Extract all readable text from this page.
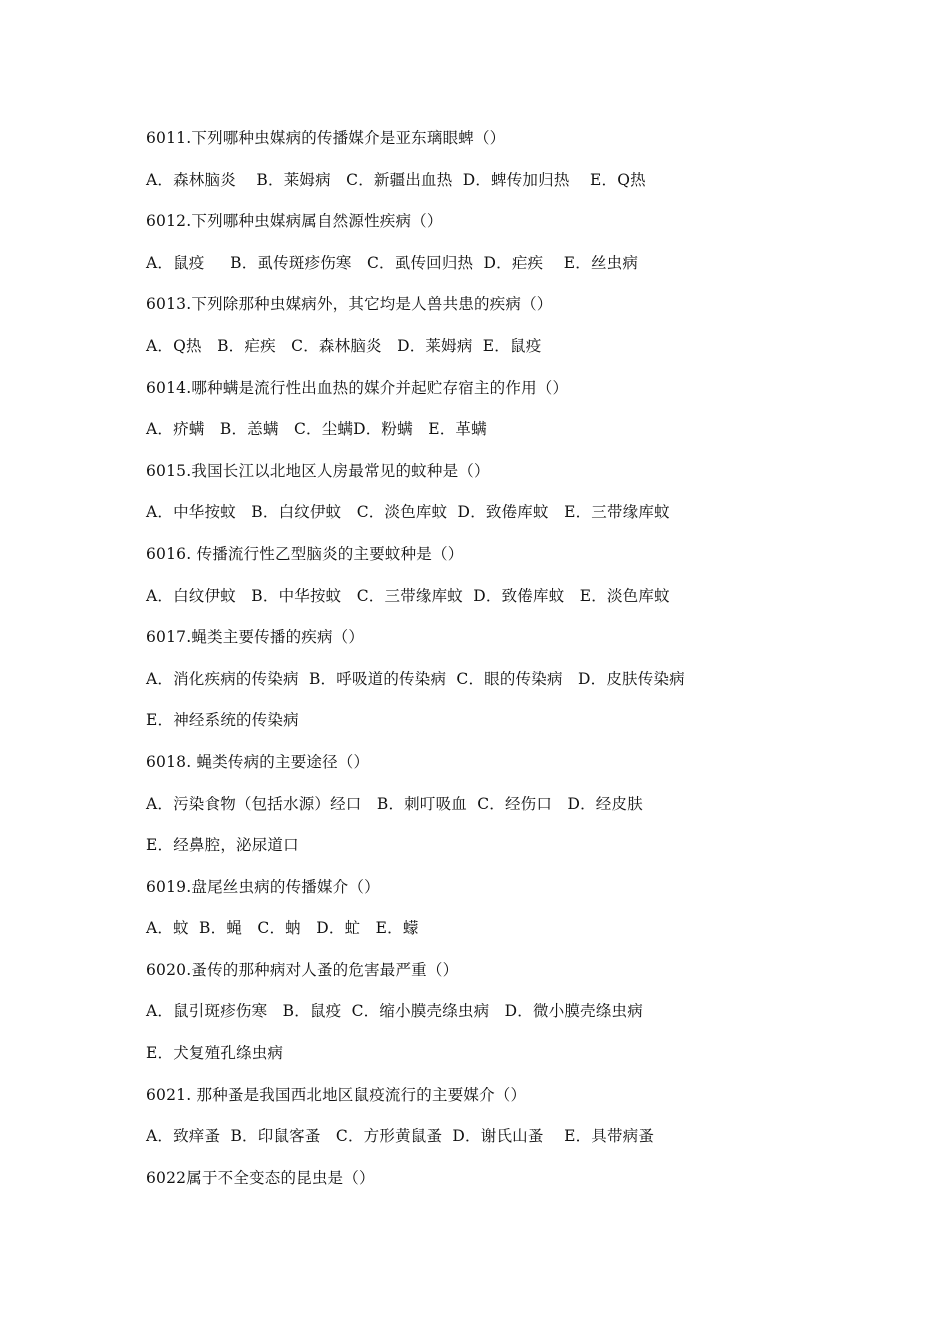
6011.下列哪种虫媒病的传播媒介是亚东璃眼蜱（）
A．森林脑炎    B．莱姆病   C．新疆出血热  D．蜱传加归热    E．Q热
6012.下列哪种虫媒病属自然源性疾病（）
A．鼠疫     B．虱传斑疹伤寒   C．虱传回归热  D．疟疾    E．丝虫病
6013.下列除那种虫媒病外，其它均是人兽共患的疾病（）
A．Q热   B．疟疾   C．森林脑炎   D．莱姆病  E．鼠疫
6014.哪种螨是流行性出血热的媒介并起贮存宿主的作用（）
A．疥螨   B．恙螨   C．尘螨D．粉螨   E．革螨
6015.我国长江以北地区人房最常见的蚊种是（）
A．中华按蚊   B．白纹伊蚊   C．淡色库蚊  D．致倦库蚊   E．三带缘库蚊
6016. 传播流行性乙型脑炎的主要蚊种是（）
A．白纹伊蚊   B．中华按蚊   C．三带缘库蚊  D．致倦库蚊   E．淡色库蚊
6017.蝇类主要传播的疾病（）
A．消化疾病的传染病  B．呼吸道的传染病  C．眼的传染病   D．皮肤传染病
E．神经系统的传染病
6018. 蝇类传病的主要途径（）
A．污染食物（包括水源）经口   B．刺叮吸血  C．经伤口   D．经皮肤
E．经鼻腔，泌尿道口
6019.盘尾丝虫病的传播媒介（）
A．蚊  B．蝇   C．蚋   D．虻   E．蠓
6020.蚤传的那种病对人蚤的危害最严重（）
A．鼠引斑疹伤寒   B．鼠疫  C．缩小膜壳绦虫病   D．微小膜壳绦虫病
E．犬复殖孔绦虫病
6021. 那种蚤是我国西北地区鼠疫流行的主要媒介（）
A．致痒蚤  B．印鼠客蚤   C．方形黄鼠蚤  D．谢氏山蚤    E．具带病蚤
6022属于不全变态的昆虫是（）
